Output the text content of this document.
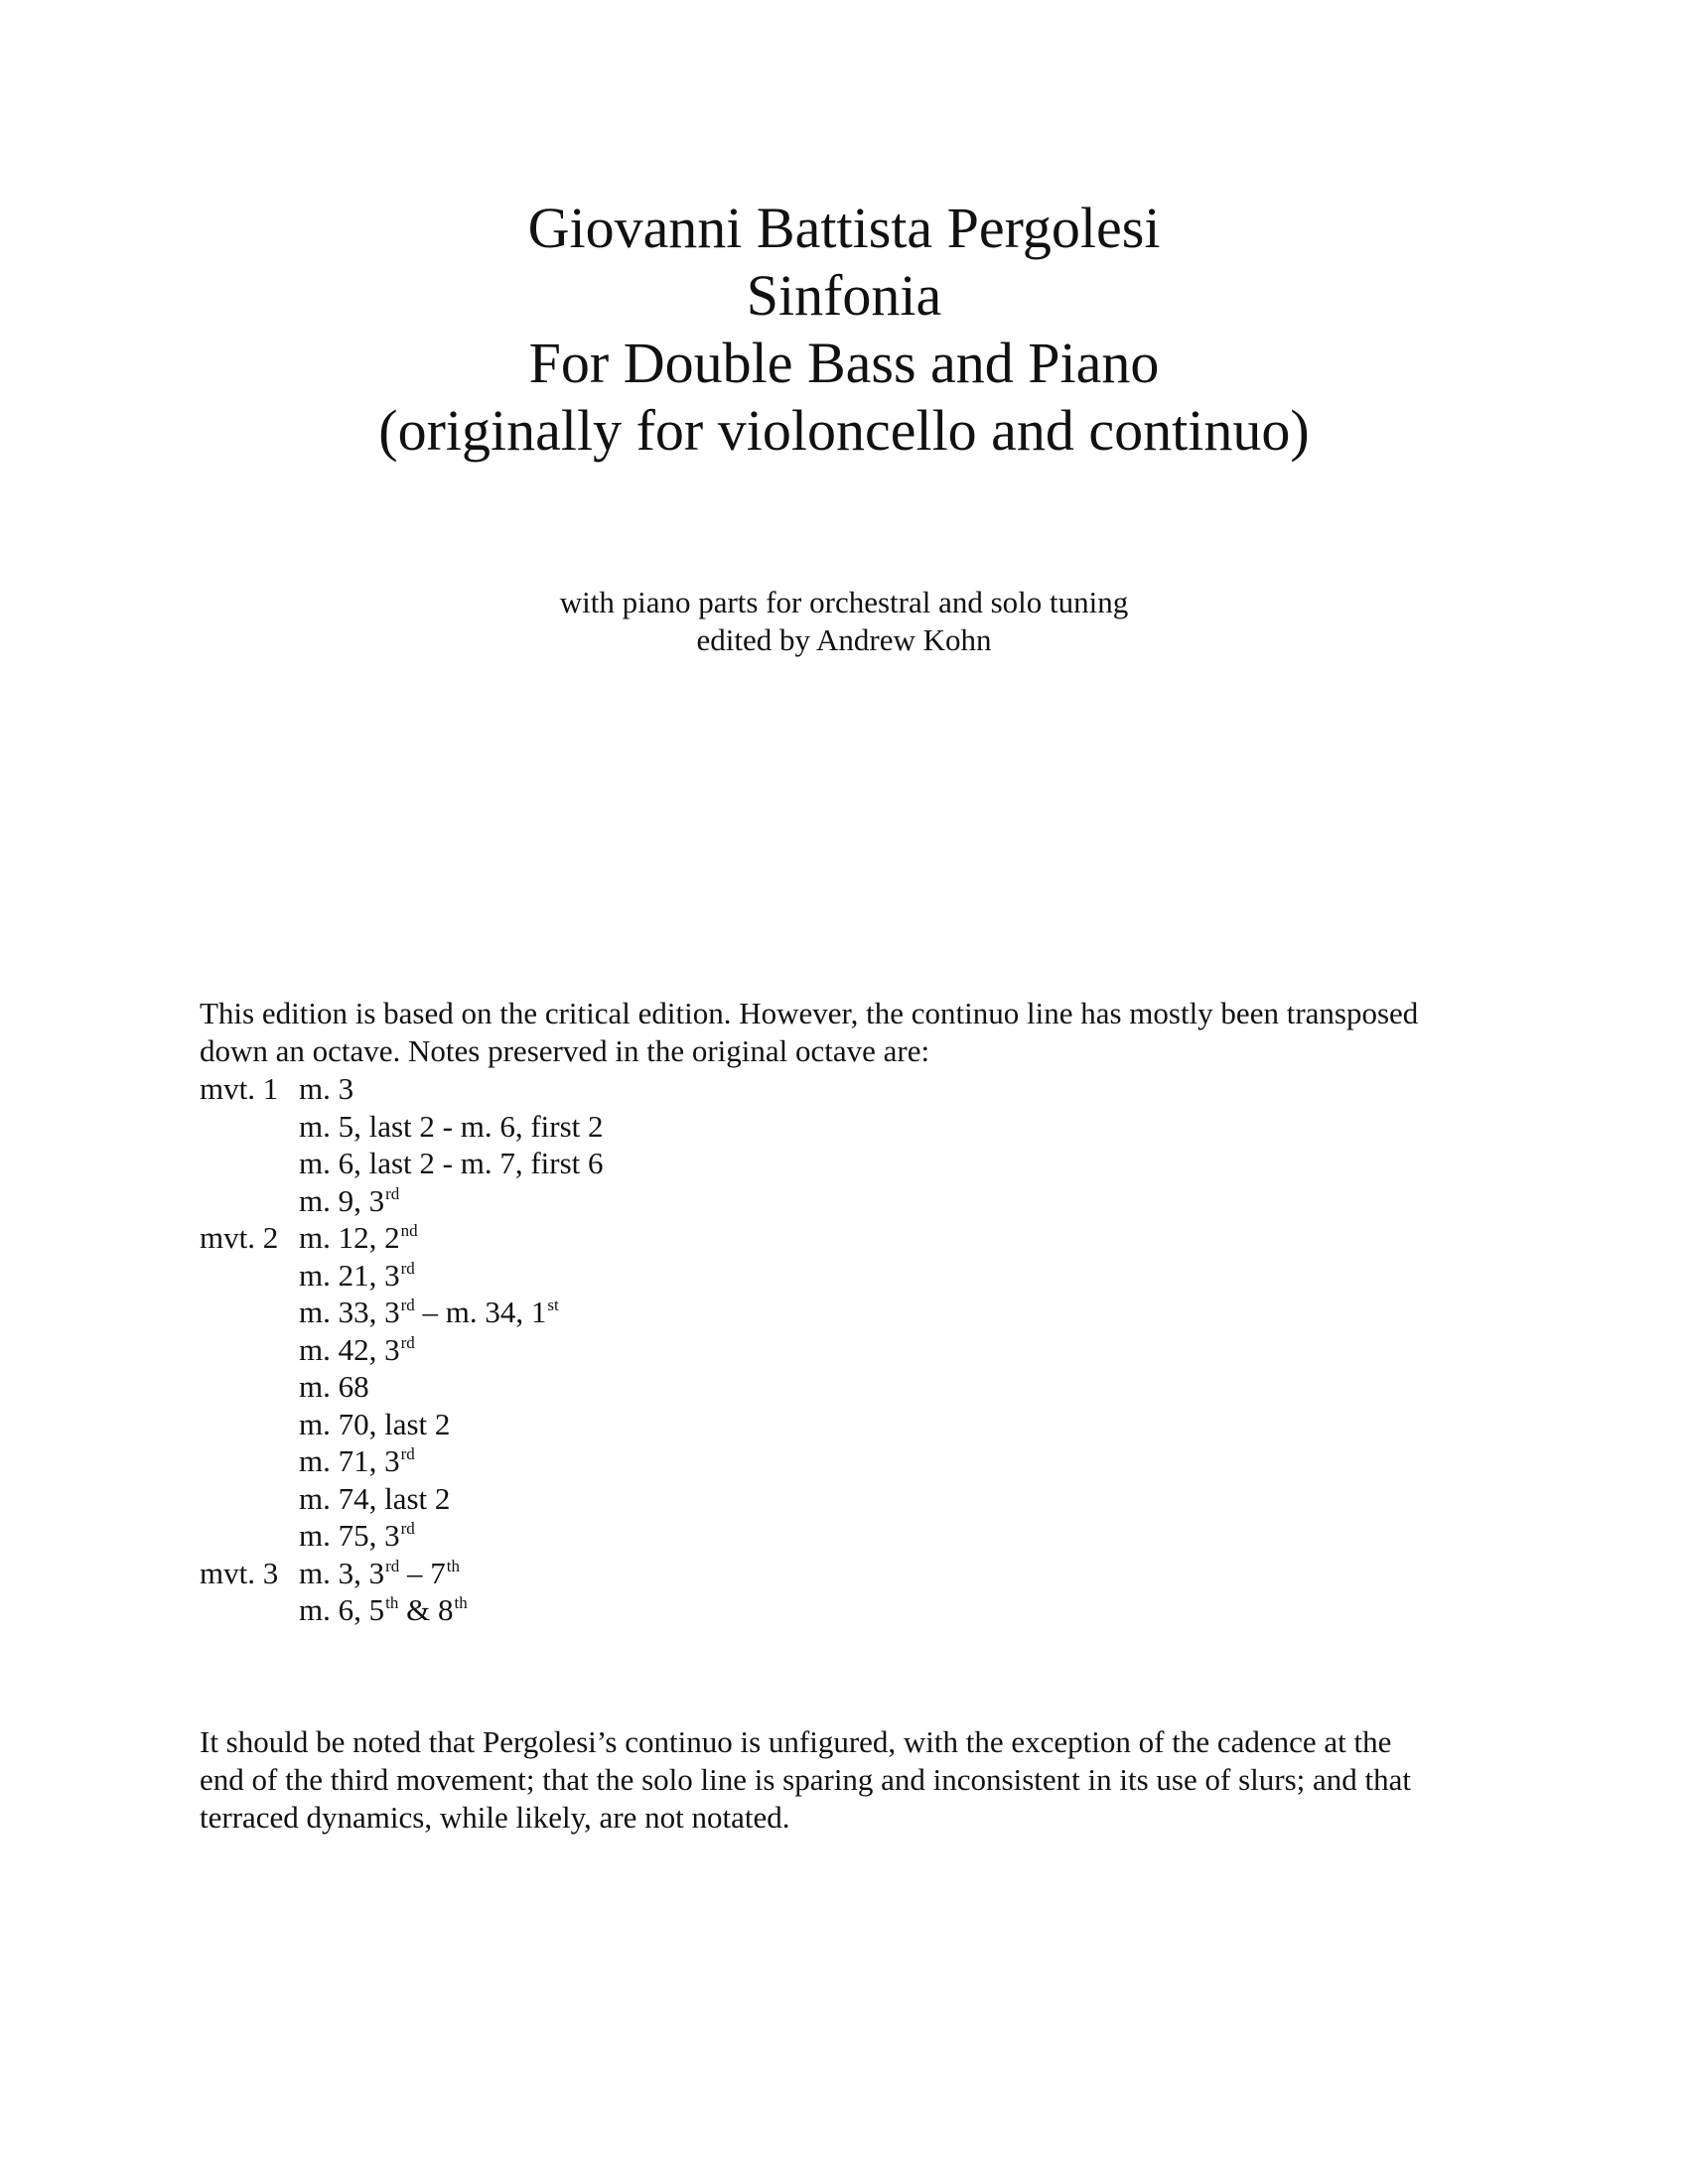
Giovanni Battista Pergolesi
Sinfonia
For Double Bass and Piano
(originally for violoncello and continuo)
with piano parts for orchestral and solo tuning
edited by Andrew Kohn
This edition is based on the critical edition. However, the continuo line has mostly been transposed
down an octave. Notes preserved in the original octave are:
mvt. 1 m. 3
m. 5, last 2 - m. 6, first 2
m. 6, last 2 - m. 7, first 6
m. 9, 3rd
mvt. 2 m. 12, 2nd
m. 21, 3rd
m. 33, 3rd – m. 34, 1st
m. 42, 3rd
m. 68
m. 70, last 2
m. 71, 3rd
m. 74, last 2
m. 75, 3rd
mvt. 3 m. 3, 3rd – 7th
m. 6, 5th & 8th
It should be noted that Pergolesi’s continuo is unfigured, with the exception of the cadence at the
end of the third movement; that the solo line is sparing and inconsistent in its use of slurs; and that
terraced dynamics, while likely, are not notated.
